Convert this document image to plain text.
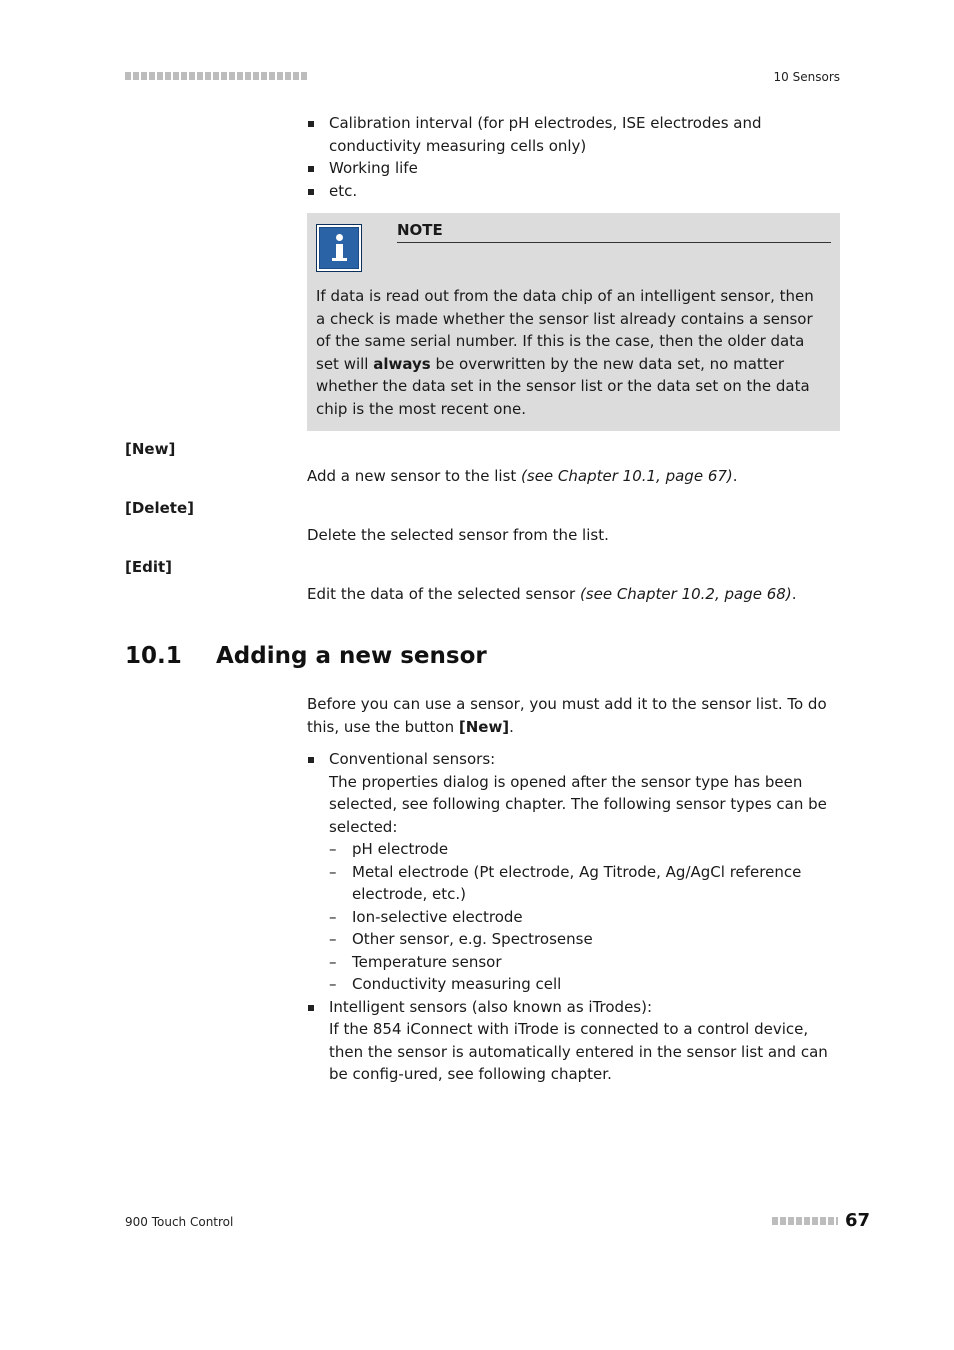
10 Sensors
Calibration interval (for pH electrodes, ISE electrodes and conductivity measuring cells only)
Working life
etc.
NOTE
If data is read out from the data chip of an intelligent sensor, then a check is made whether the sensor list already contains a sensor of the same serial number. If this is the case, then the older data set will always be overwritten by the new data set, no matter whether the data set in the sensor list or the data set on the data chip is the most recent one.
[New]
Add a new sensor to the list (see Chapter 10.1, page 67).
[Delete]
Delete the selected sensor from the list.
[Edit]
Edit the data of the selected sensor (see Chapter 10.2, page 68).
10.1 Adding a new sensor
Before you can use a sensor, you must add it to the sensor list. To do this, use the button [New].
Conventional sensors:
The properties dialog is opened after the sensor type has been selected, see following chapter. The following sensor types can be selected:
– pH electrode
– Metal electrode (Pt electrode, Ag Titrode, Ag/AgCl reference electrode, etc.)
– Ion-selective electrode
– Other sensor, e.g. Spectrosense
– Temperature sensor
– Conductivity measuring cell
Intelligent sensors (also known as iTrodes):
If the 854 iConnect with iTrode is connected to a control device, then the sensor is automatically entered in the sensor list and can be config-ured, see following chapter.
900 Touch Control	67
